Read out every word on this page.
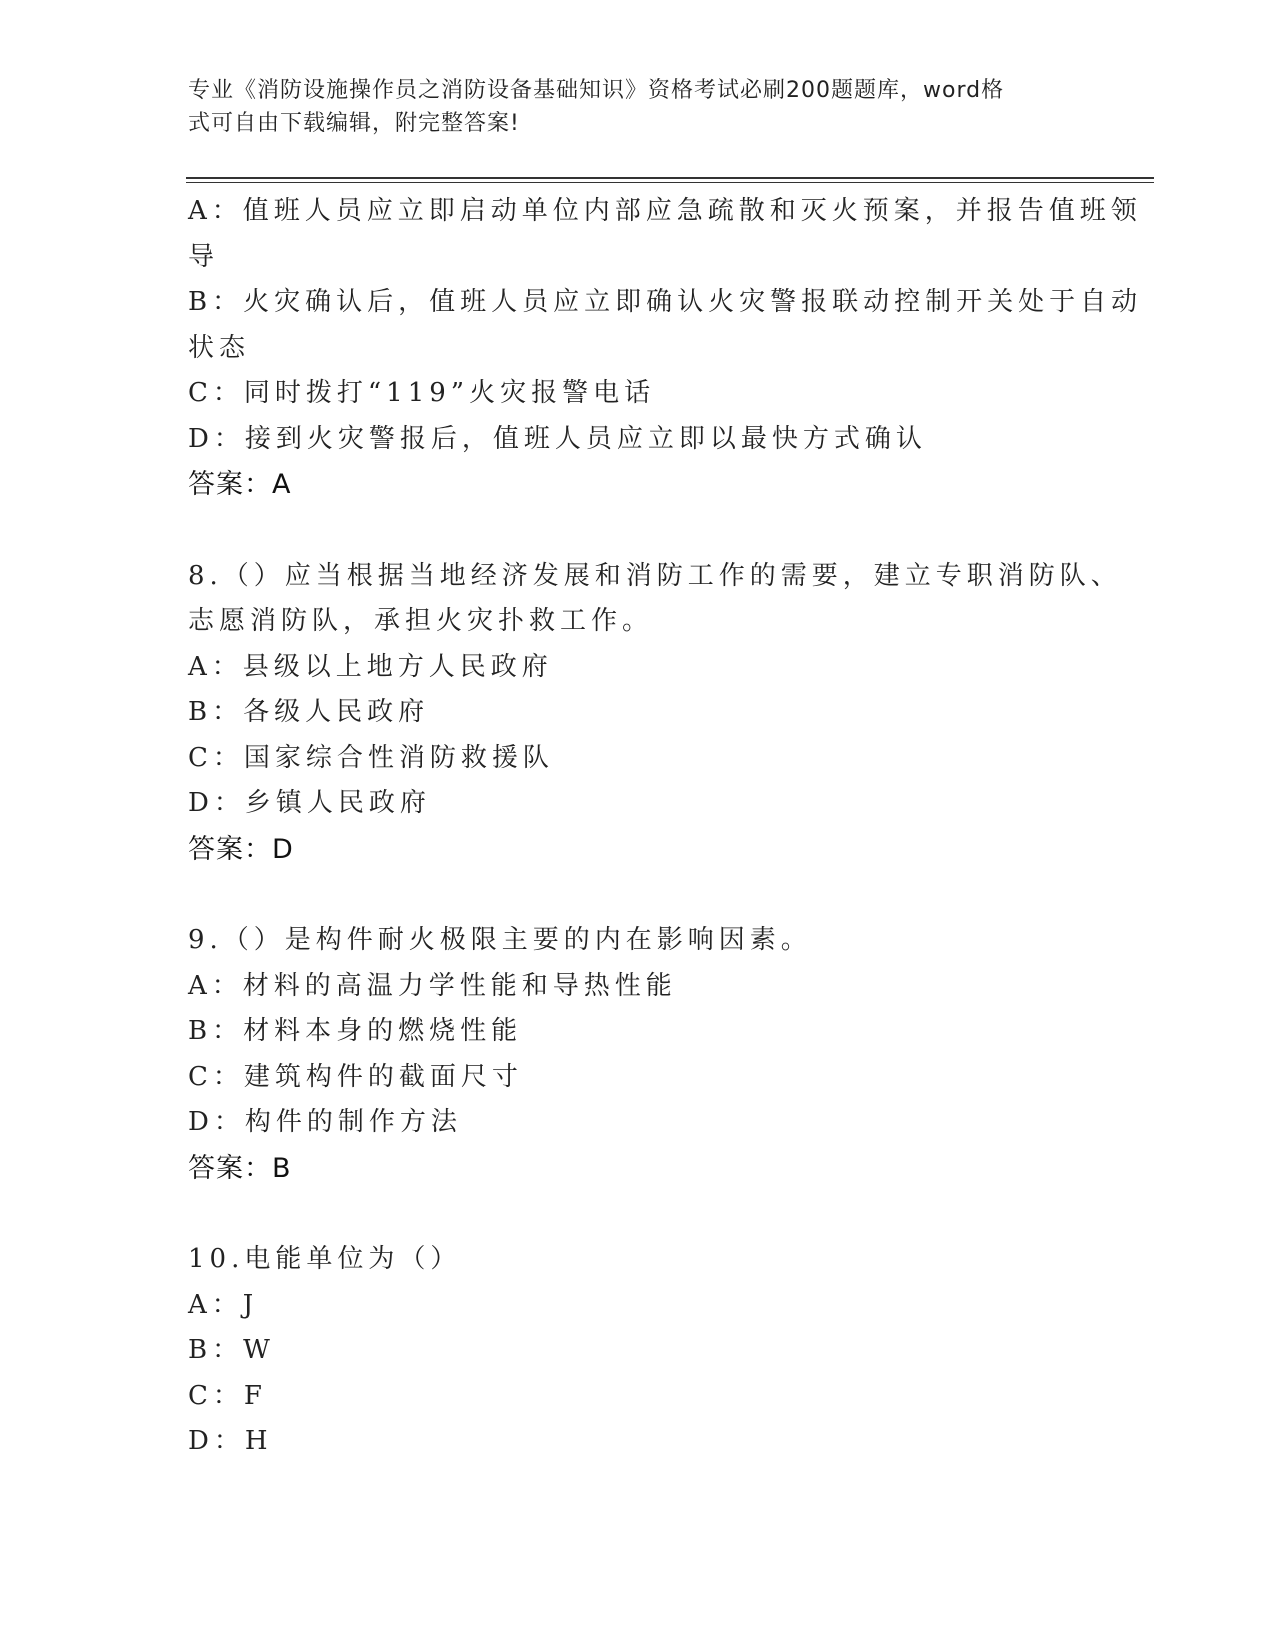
专业《消防设施操作员之消防设备基础知识》资格考试必刷200题题库，word格
式可自由下载编辑，附完整答案!
A：值班人员应立即启动单位内部应急疏散和灭火预案，并报告值班领
导
B：火灾确认后，值班人员应立即确认火灾警报联动控制开关处于自动
状态
C：同时拨打“119”火灾报警电话
D：接到火灾警报后，值班人员应立即以最快方式确认
答案：A
8.（）应当根据当地经济发展和消防工作的需要，建立专职消防队、
志愿消防队，承担火灾扑救工作。
A：县级以上地方人民政府
B：各级人民政府
C：国家综合性消防救援队
D：乡镇人民政府
答案：D
9.（）是构件耐火极限主要的内在影响因素。
A：材料的高温力学性能和导热性能
B：材料本身的燃烧性能
C：建筑构件的截面尺寸
D：构件的制作方法
答案：B
10.电能单位为（）
A：J
B：W
C：F
D：H
